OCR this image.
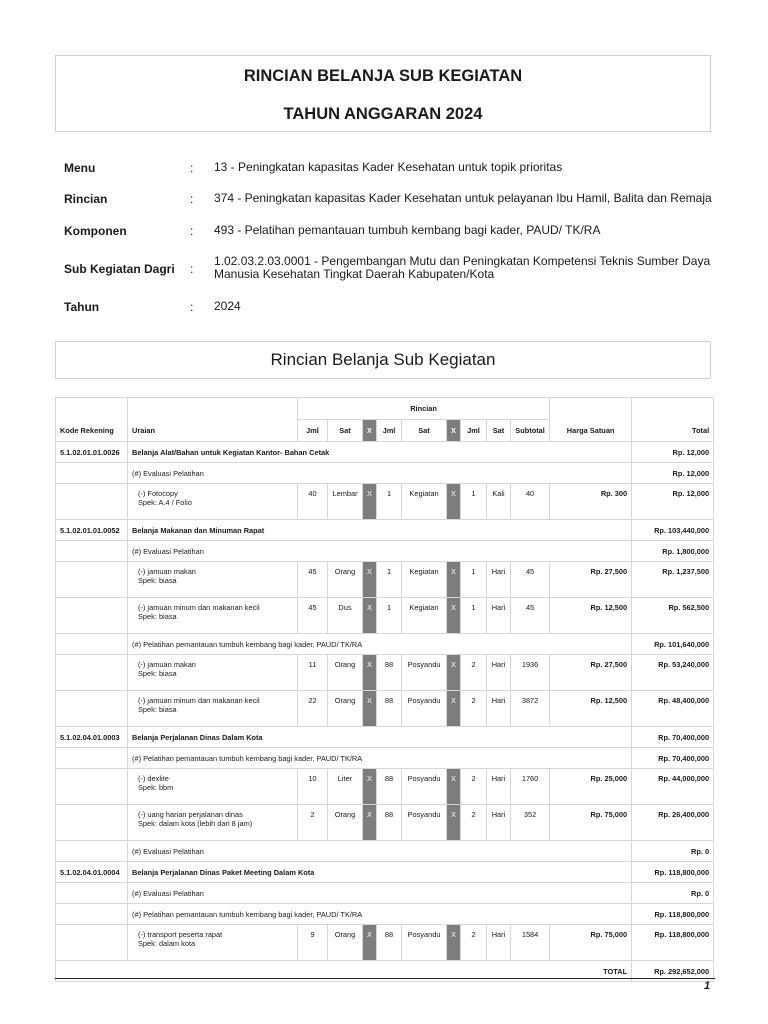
RINCIAN BELANJA SUB KEGIATAN
TAHUN ANGGARAN 2024
Menu	: 13 - Peningkatan kapasitas Kader Kesehatan untuk topik prioritas
Rincian	: 374 - Peningkatan kapasitas Kader Kesehatan untuk pelayanan Ibu Hamil, Balita dan Remaja
Komponen	: 493 - Pelatihan pemantauan tumbuh kembang bagi kader, PAUD/ TK/RA
Sub Kegiatan Dagri :
1.02.03.2.03.0001 - Pengembangan Mutu dan Peningkatan Kompetensi Teknis Sumber Daya Manusia Kesehatan Tingkat Daerah Kabupaten/Kota
Tahun	: 2024
Rincian Belanja Sub Kegiatan
Kode Rekening	Uraian	Rincian									Harga Satuan	Total
		Jml	Sat	X	Jml	Sat	X	Jml	Sat	Subtotal		
5.1.02.01.01.0026	Belanja Alat/Bahan untuk Kegiatan Kantor- Bahan Cetak											Rp. 12,000
	(#) Evaluasi Pelatihan											Rp. 12,000

	(-) Fotocopy
Spek: A.4 / Folio	40	Lembar	X	1	Kegiatan	X	1	Kali	40	Rp. 300	Rp. 12,000
5.1.02.01.01.0052	Belanja Makanan dan Minuman Rapat											Rp. 103,440,000
	(#) Evaluasi Pelatihan											Rp. 1,800,000

	(-) jamuan makan
Spek: biasa	45	Orang	X	1	Kegiatan	X	1	Hari	45	Rp. 27,500	Rp. 1,237,500

	(-) jamuan minum dan makanan kecil
Spek: biasa	45	Dus	X	1	Kegiatan	X	1	Hari	45	Rp. 12,500	Rp. 562,500
	(#) Pelatihan pemantauan tumbuh kembang bagi kader, PAUD/ TK/RA											Rp. 101,640,000

	(-) jamuan makan
Spek: biasa	11	Orang	X	88	Posyandu	X	2	Hari	1936	Rp. 27,500	Rp. 53,240,000

	(-) jamuan minum dan makanan kecil
Spek: biasa	22	Orang	X	88	Posyandu	X	2	Hari	3872	Rp. 12,500	Rp. 48,400,000
5.1.02.04.01.0003	Belanja Perjalanan Dinas Dalam Kota											Rp. 70,400,000
	(#) Pelatihan pemantauan tumbuh kembang bagi kader, PAUD/ TK/RA											Rp. 70,400,000

	(-) dexlite
Spek: bbm	10	Liter	X	88	Posyandu	X	2	Hari	1760	Rp. 25,000	Rp. 44,000,000

	(-) uang harian perjalanan dinas
Spek: dalam kota (lebih dari 8 jam)	2	Orang	X	88	Posyandu	X	2	Hari	352	Rp. 75,000	Rp. 26,400,000
	(#) Evaluasi Pelatihan											Rp. 0
5.1.02.04.01.0004	Belanja Perjalanan Dinas Paket Meeting Dalam Kota											Rp. 118,800,000
	(#) Evaluasi Pelatihan											Rp. 0
	(#) Pelatihan pemantauan tumbuh kembang bagi kader, PAUD/ TK/RA											Rp. 118,800,000

	(-) transport peserta rapat
Spek: dalam kota	9	Orang	X	88	Posyandu	X	2	Hari	1584	Rp. 75,000	Rp. 118,800,000
TOTAL												Rp. 292,652,000
1
